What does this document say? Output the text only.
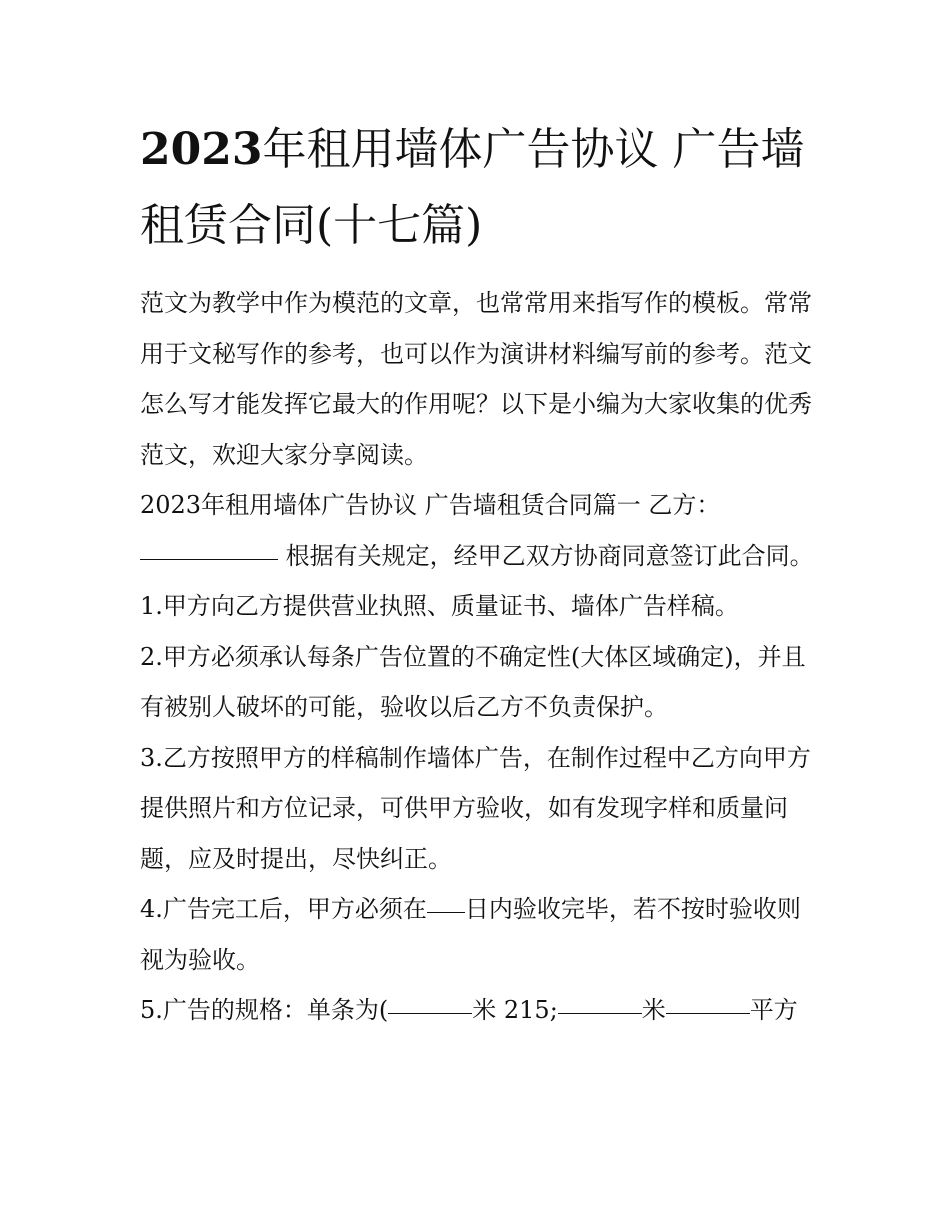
2023年租用墙体广告协议 广告墙租赁合同(十七篇)

范文为教学中作为模范的文章，也常常用来指写作的模板。常常用于文秘写作的参考，也可以作为演讲材料编写前的参考。范文怎么写才能发挥它最大的作用呢？以下是小编为大家收集的优秀范文，欢迎大家分享阅读。

2023年租用墙体广告协议 广告墙租赁合同篇一 乙方：

根据有关规定，经甲乙双方协商同意签订此合同。

1.甲方向乙方提供营业执照、质量证书、墙体广告样稿。

2.甲方必须承认每条广告位置的不确定性(大体区域确定)，并且有被别人破坏的可能，验收以后乙方不负责保护。

3.乙方按照甲方的样稿制作墙体广告，在制作过程中乙方向甲方提供照片和方位记录，可供甲方验收，如有发现字样和质量问题，应及时提出，尽快纠正。

4.广告完工后，甲方必须在 日内验收完毕，若不按时验收则视为验收。

5.广告的规格：单条为(	米 215;	米	平方
